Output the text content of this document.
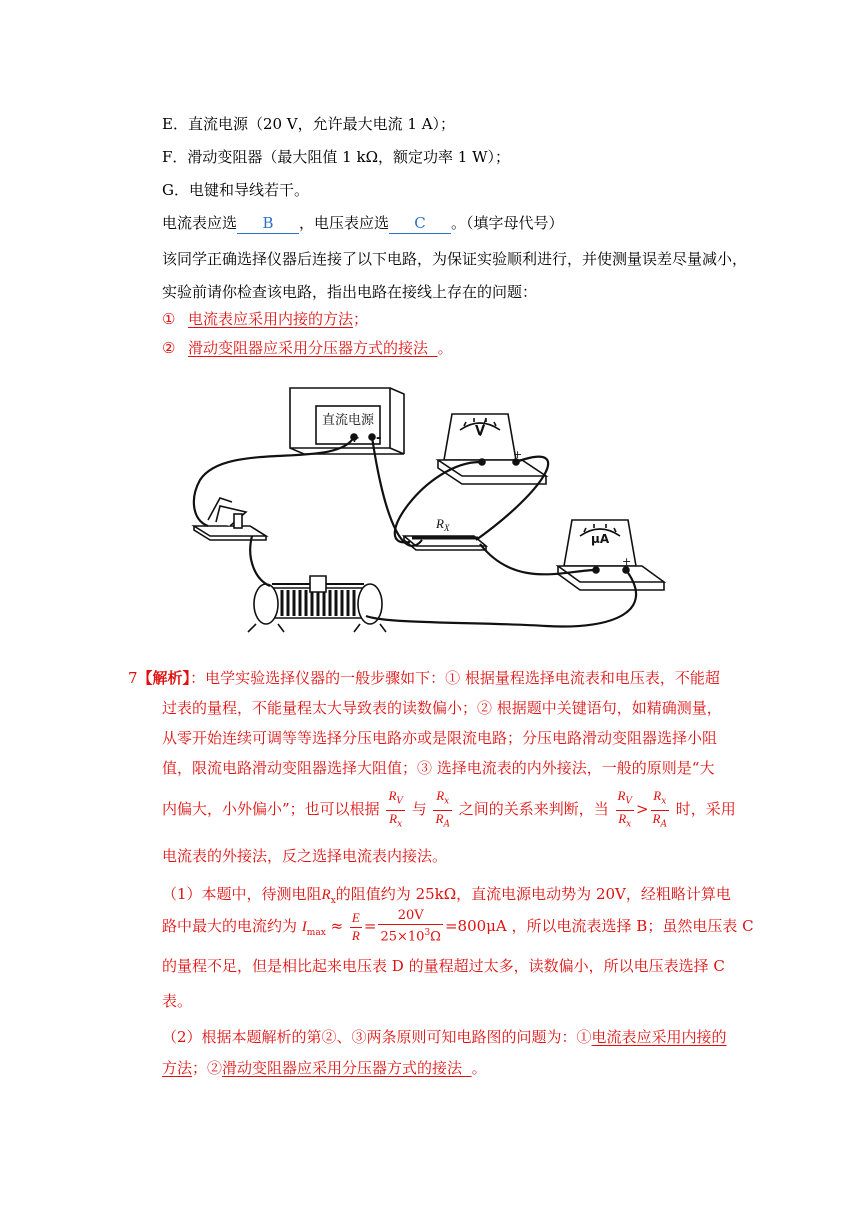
E．直流电源（20 V，允许最大电流 1 A）；
F．滑动变阻器（最大阻值 1 kΩ，额定功率 1 W）；
G．电键和导线若干。
电流表应选 B ，电压表应选 C 。（填字母代号）
该同学正确选择仪器后连接了以下电路，为保证实验顺利进行，并使测量误差尽量减小，
实验前请你检查该电路，指出电路在接线上存在的问题：
① 电流表应采用内接的方法；
② 滑动变阻器应采用分压器方式的接法 。
直流电源
+ -	V
+
μA
+
$R_X$
7【解析】：电学实验选择仪器的一般步骤如下：① 根据量程选择电流表和电压表，不能超
过表的量程，不能量程太大导致表的读数偏小；② 根据题中关键语句，如精确测量，
从零开始连续可调等等选择分压电路亦或是限流电路；分压电路滑动变阻器选择小阻
值，限流电路滑动变阻器选择大阻值；③ 选择电流表的内外接法，一般的原则是“大
内偏大，小外偏小”；也可以根据 $\frac{R_V}{R_x}$ 与 $\frac{R_x}{R_A}$ 之间的关系来判断，当 $\frac{R_V}{R_x} > \frac{R_x}{R_A}$ 时，采用
电流表的外接法，反之选择电流表内接法。
（1）本题中，待测电阻$R_x$的阻值约为 25kΩ，直流电源电动势为 20V，经粗略计算电
路中最大的电流约为 $I_{max} \approx \frac{E}{R} = \frac{20V}{25\times 10^3\Omega} =800\mu A$ ，所以电流表选择 B；虽然电压表 C
的量程不足，但是相比起来电压表 D 的量程超过太多，读数偏小，所以电压表选择 C
表。
（2）根据本题解析的第②、③两条原则可知电路图的问题为：①电流表应采用内接的
方法；②滑动变阻器应采用分压器方式的接法 。
